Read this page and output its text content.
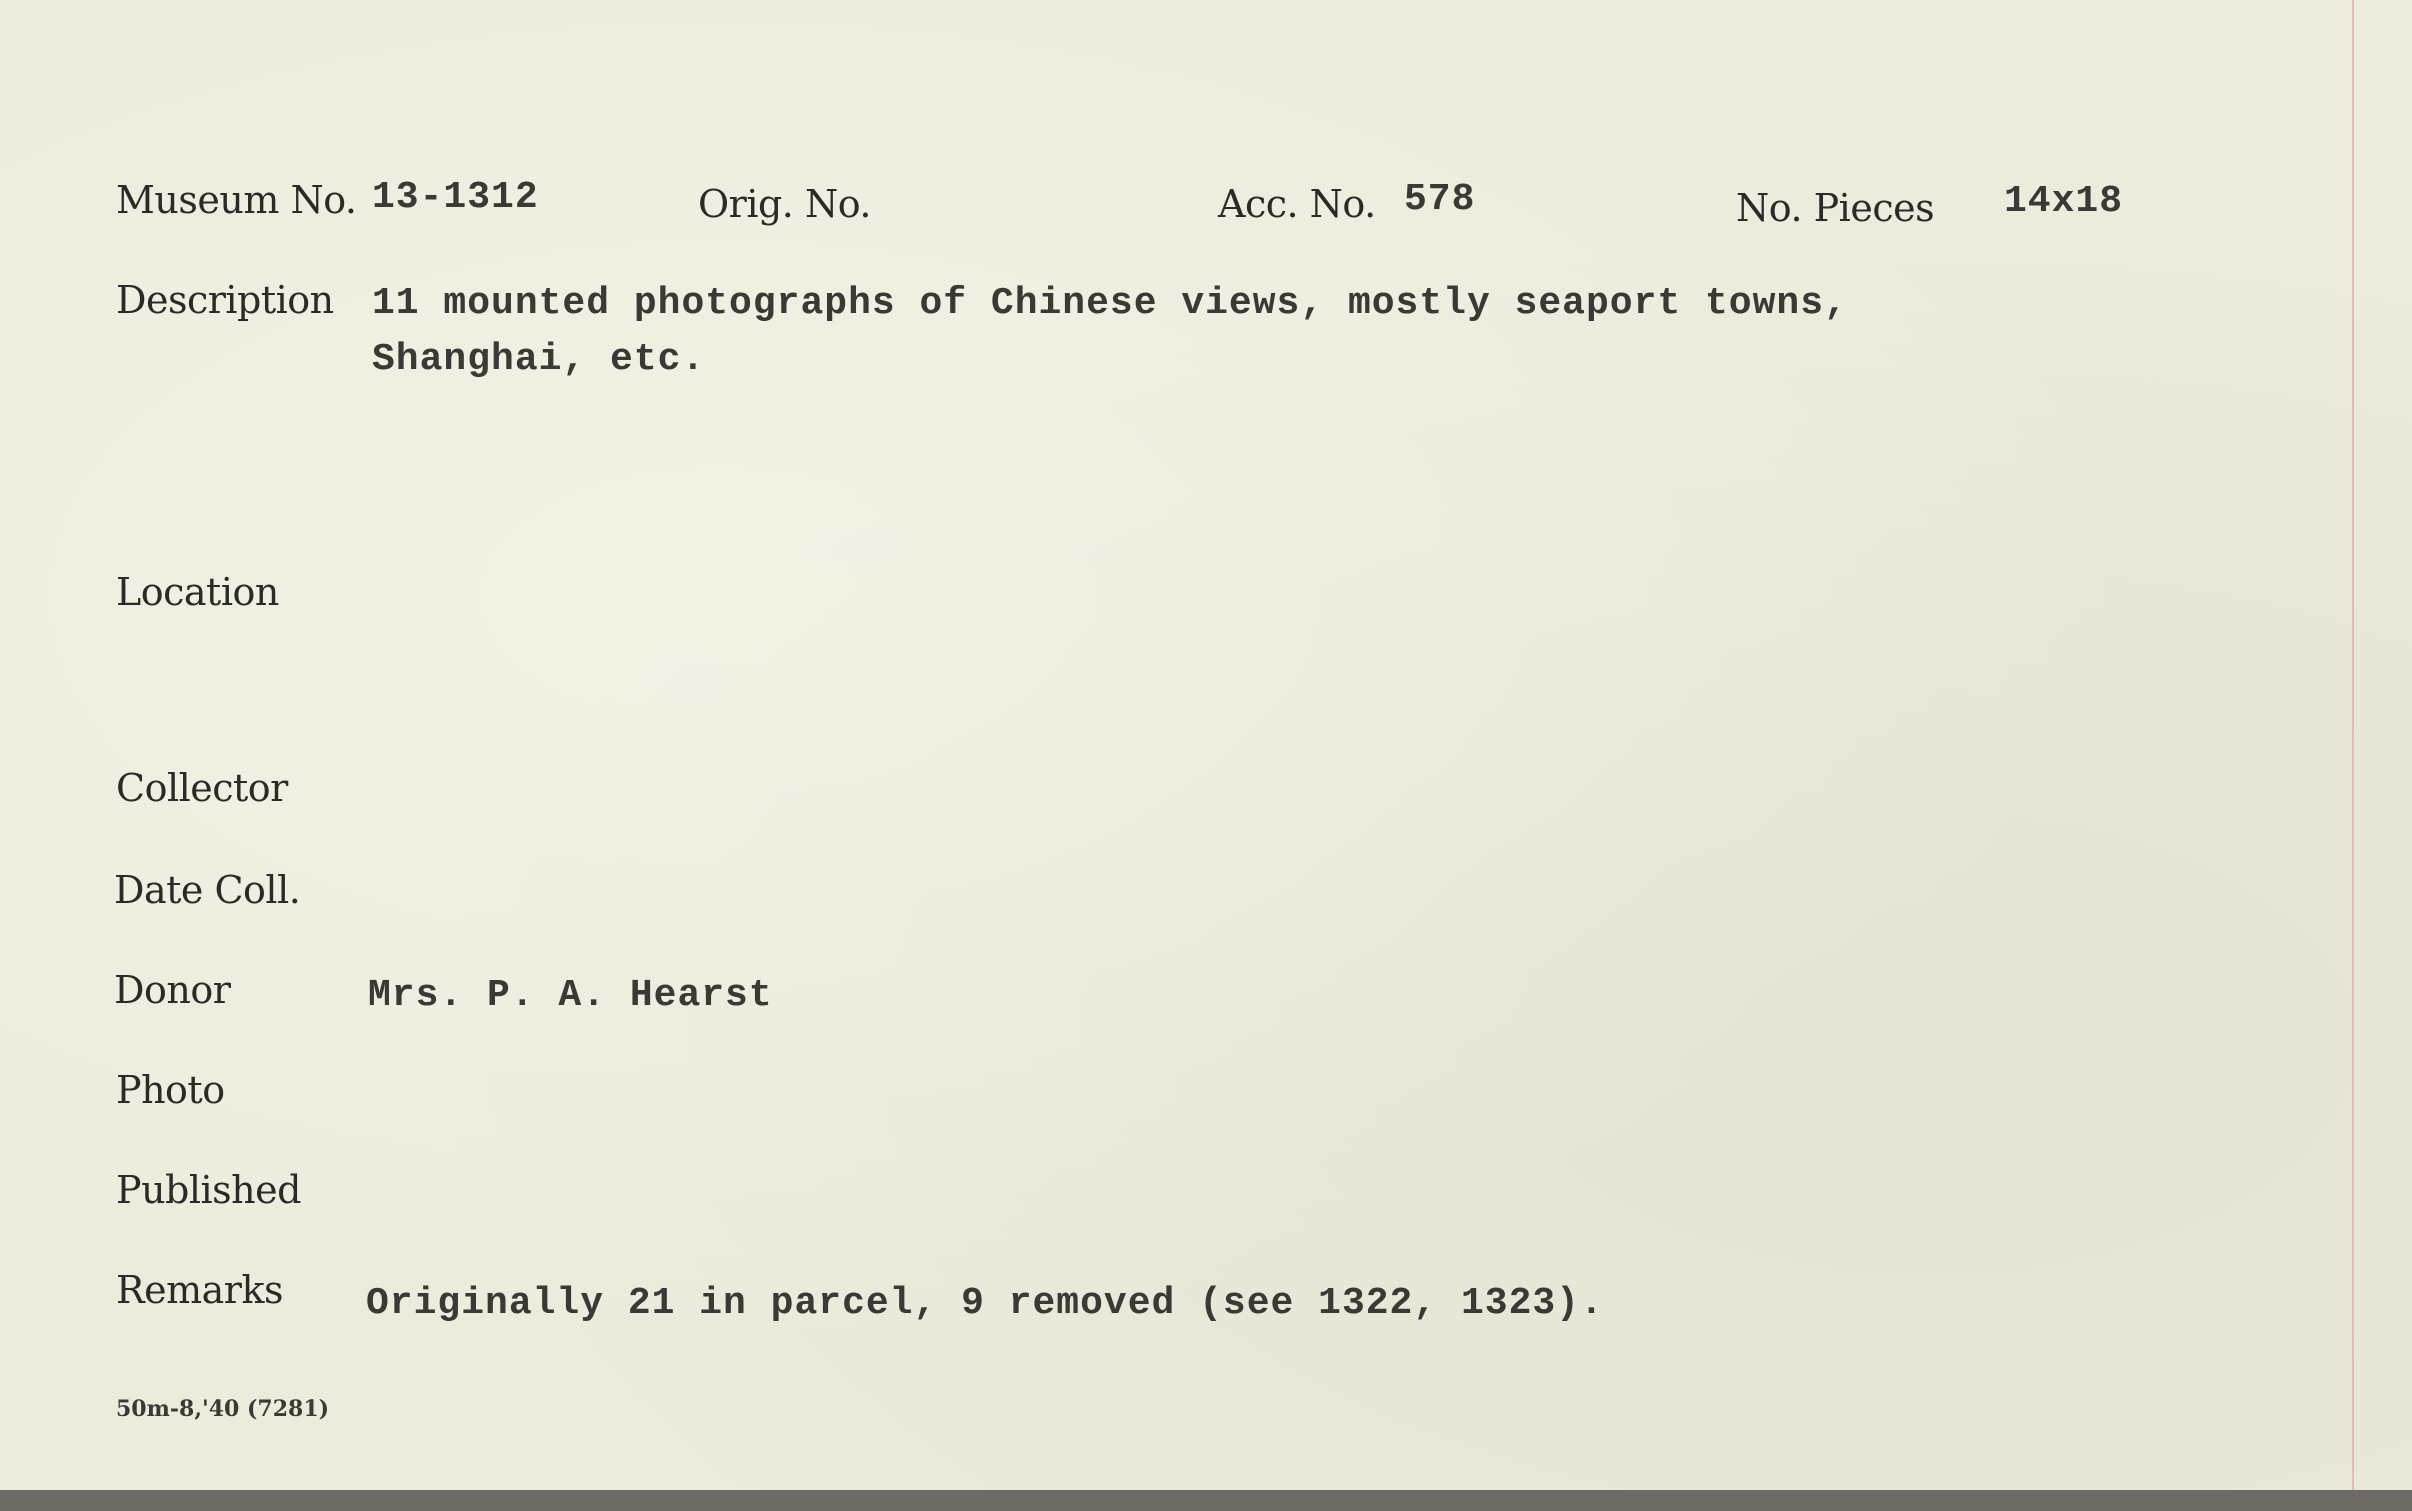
Museum No. 13-1312	Orig. No.	Acc. No. 578	No. Pieces 14x18
Description 11 mounted photographs of Chinese views, mostly seaport towns,
Shanghai, etc.
Location
Collector
Date Coll.
Donor	Mrs. P. A. Hearst
Photo
Published
Remarks Originally 21 in parcel, 9 removed (see 1322, 1323).
50m-8,'40 (7281)
